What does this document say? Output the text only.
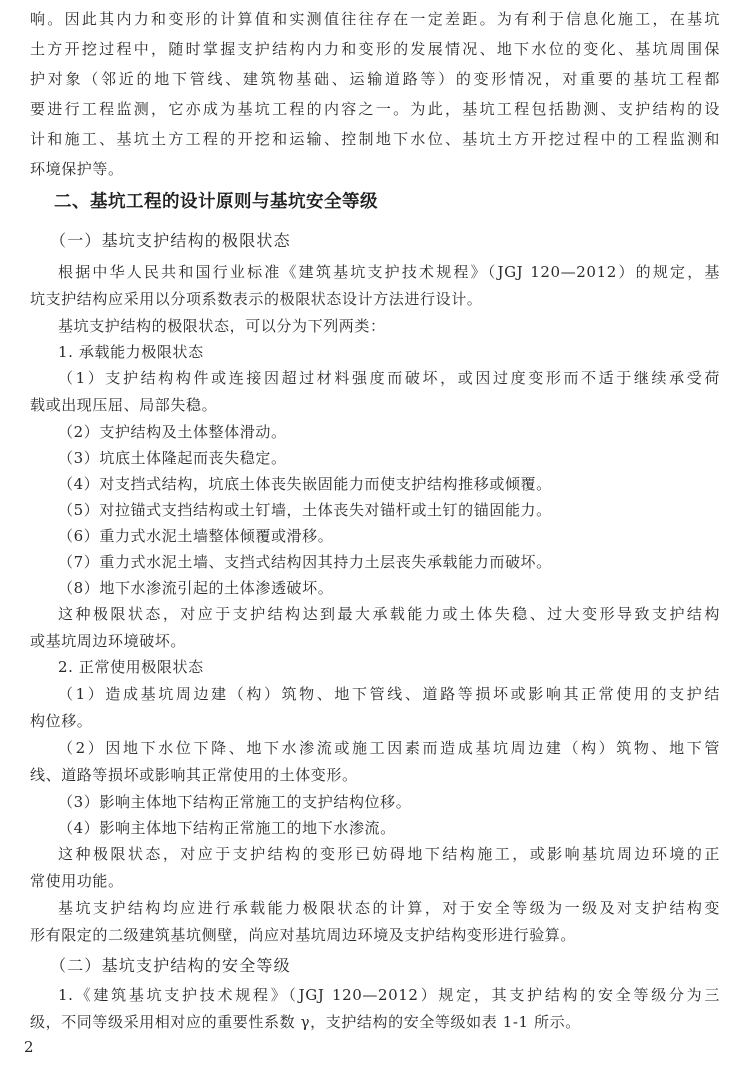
响。因此其内力和变形的计算值和实测值往往存在一定差距。为有利于信息化施工，在基坑
土方开挖过程中，随时掌握支护结构内力和变形的发展情况、地下水位的变化、基坑周围保
护对象（邻近的地下管线、建筑物基础、运输道路等）的变形情况，对重要的基坑工程都
要进行工程监测，它亦成为基坑工程的内容之一。为此，基坑工程包括勘测、支护结构的设
计和施工、基坑土方工程的开挖和运输、控制地下水位、基坑土方开挖过程中的工程监测和
环境保护等。
二、基坑工程的设计原则与基坑安全等级
（一）基坑支护结构的极限状态
根据中华人民共和国行业标准《建筑基坑支护技术规程》（JGJ 120—2012）的规定，基
坑支护结构应采用以分项系数表示的极限状态设计方法进行设计。
基坑支护结构的极限状态，可以分为下列两类：
1. 承载能力极限状态
（1）支护结构构件或连接因超过材料强度而破坏，或因过度变形而不适于继续承受荷
载或出现压屈、局部失稳。
（2）支护结构及土体整体滑动。
（3）坑底土体隆起而丧失稳定。
（4）对支挡式结构，坑底土体丧失嵌固能力而使支护结构推移或倾覆。
（5）对拉锚式支挡结构或土钉墙，土体丧失对锚杆或土钉的锚固能力。
（6）重力式水泥土墙整体倾覆或滑移。
（7）重力式水泥土墙、支挡式结构因其持力土层丧失承载能力而破坏。
（8）地下水渗流引起的土体渗透破坏。
这种极限状态，对应于支护结构达到最大承载能力或土体失稳、过大变形导致支护结构
或基坑周边环境破坏。
2. 正常使用极限状态
（1）造成基坑周边建（构）筑物、地下管线、道路等损坏或影响其正常使用的支护结
构位移。
（2）因地下水位下降、地下水渗流或施工因素而造成基坑周边建（构）筑物、地下管
线、道路等损坏或影响其正常使用的土体变形。
（3）影响主体地下结构正常施工的支护结构位移。
（4）影响主体地下结构正常施工的地下水渗流。
这种极限状态，对应于支护结构的变形已妨碍地下结构施工，或影响基坑周边环境的正
常使用功能。
基坑支护结构均应进行承载能力极限状态的计算，对于安全等级为一级及对支护结构变
形有限定的二级建筑基坑侧壁，尚应对基坑周边环境及支护结构变形进行验算。
（二）基坑支护结构的安全等级
1.《建筑基坑支护技术规程》（JGJ 120—2012）规定，其支护结构的安全等级分为三
级，不同等级采用相对应的重要性系数 γ，支护结构的安全等级如表 1-1 所示。
2
